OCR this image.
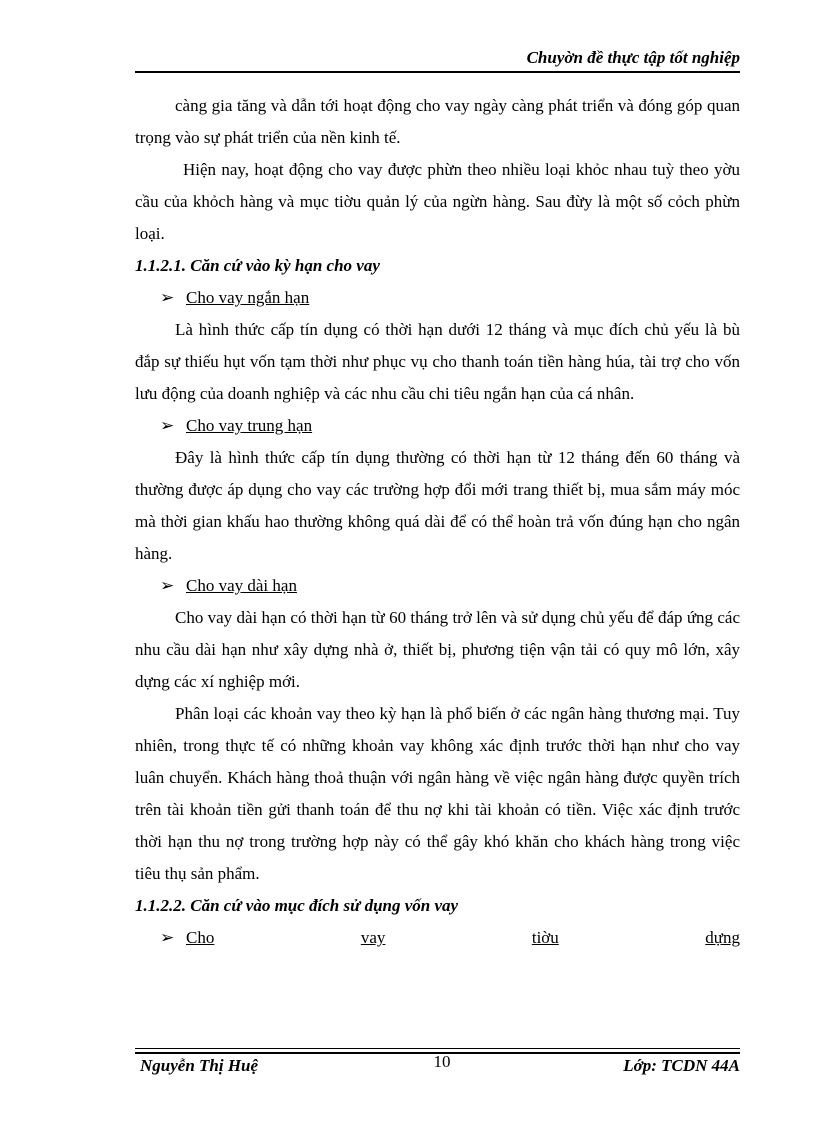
Chuyờn đề thực tập tốt nghiệp

càng gia tăng và dẫn tới hoạt động cho vay ngày càng phát triển và đóng góp quan trọng vào sự phát triển của nền kinh tế.

Hiện nay, hoạt động cho vay được phừn theo nhiều loại khỏc nhau tuỳ theo yờu cầu của khỏch hàng và mục tiờu quản lý của ngừn hàng. Sau đừy là một số cỏch phừn loại.

1.1.2.1. Căn cứ vào kỳ hạn cho vay

➢ Cho vay ngắn hạn

Là hình thức cấp tín dụng có thời hạn dưới 12 tháng và mục đích chủ yếu là bù đắp sự thiếu hụt vốn tạm thời như phục vụ cho thanh toán tiền hàng húa, tài trợ cho vốn lưu động của doanh nghiệp và các nhu cầu chi tiêu ngắn hạn của cá nhân.

➢ Cho vay trung hạn

Đây là hình thức cấp tín dụng thường có thời hạn từ 12 tháng đến 60 tháng và thường được áp dụng cho vay các trường hợp đổi mới trang thiết bị, mua sắm máy móc mà thời gian khấu hao thường không quá dài để có thể hoàn trả vốn đúng hạn cho ngân hàng.

➢ Cho vay dài hạn

Cho vay dài hạn có thời hạn từ 60 tháng trở lên và sử dụng chủ yếu để đáp ứng các nhu cầu dài hạn như xây dựng nhà ở, thiết bị, phương tiện vận tải có quy mô lớn, xây dựng các xí nghiệp mới.

Phân loại các khoản vay theo kỳ hạn là phổ biến ở các ngân hàng thương mại. Tuy nhiên, trong thực tế có những khoản vay không xác định trước thời hạn như cho vay luân chuyển. Khách hàng thoả thuận với ngân hàng về việc ngân hàng được quyền trích trên tài khoản tiền gửi thanh toán để thu nợ khi tài khoản có tiền. Việc xác định trước thời hạn thu nợ trong trường hợp này có thể gây khó khăn cho khách hàng trong việc tiêu thụ sản phẩm.

1.1.2.2. Căn cứ vào mục đích sử dụng vốn vay

➢ Cho	vay	tiờu	dựng
Nguyễn Thị Huệ	10	Lớp: TCDN 44A
